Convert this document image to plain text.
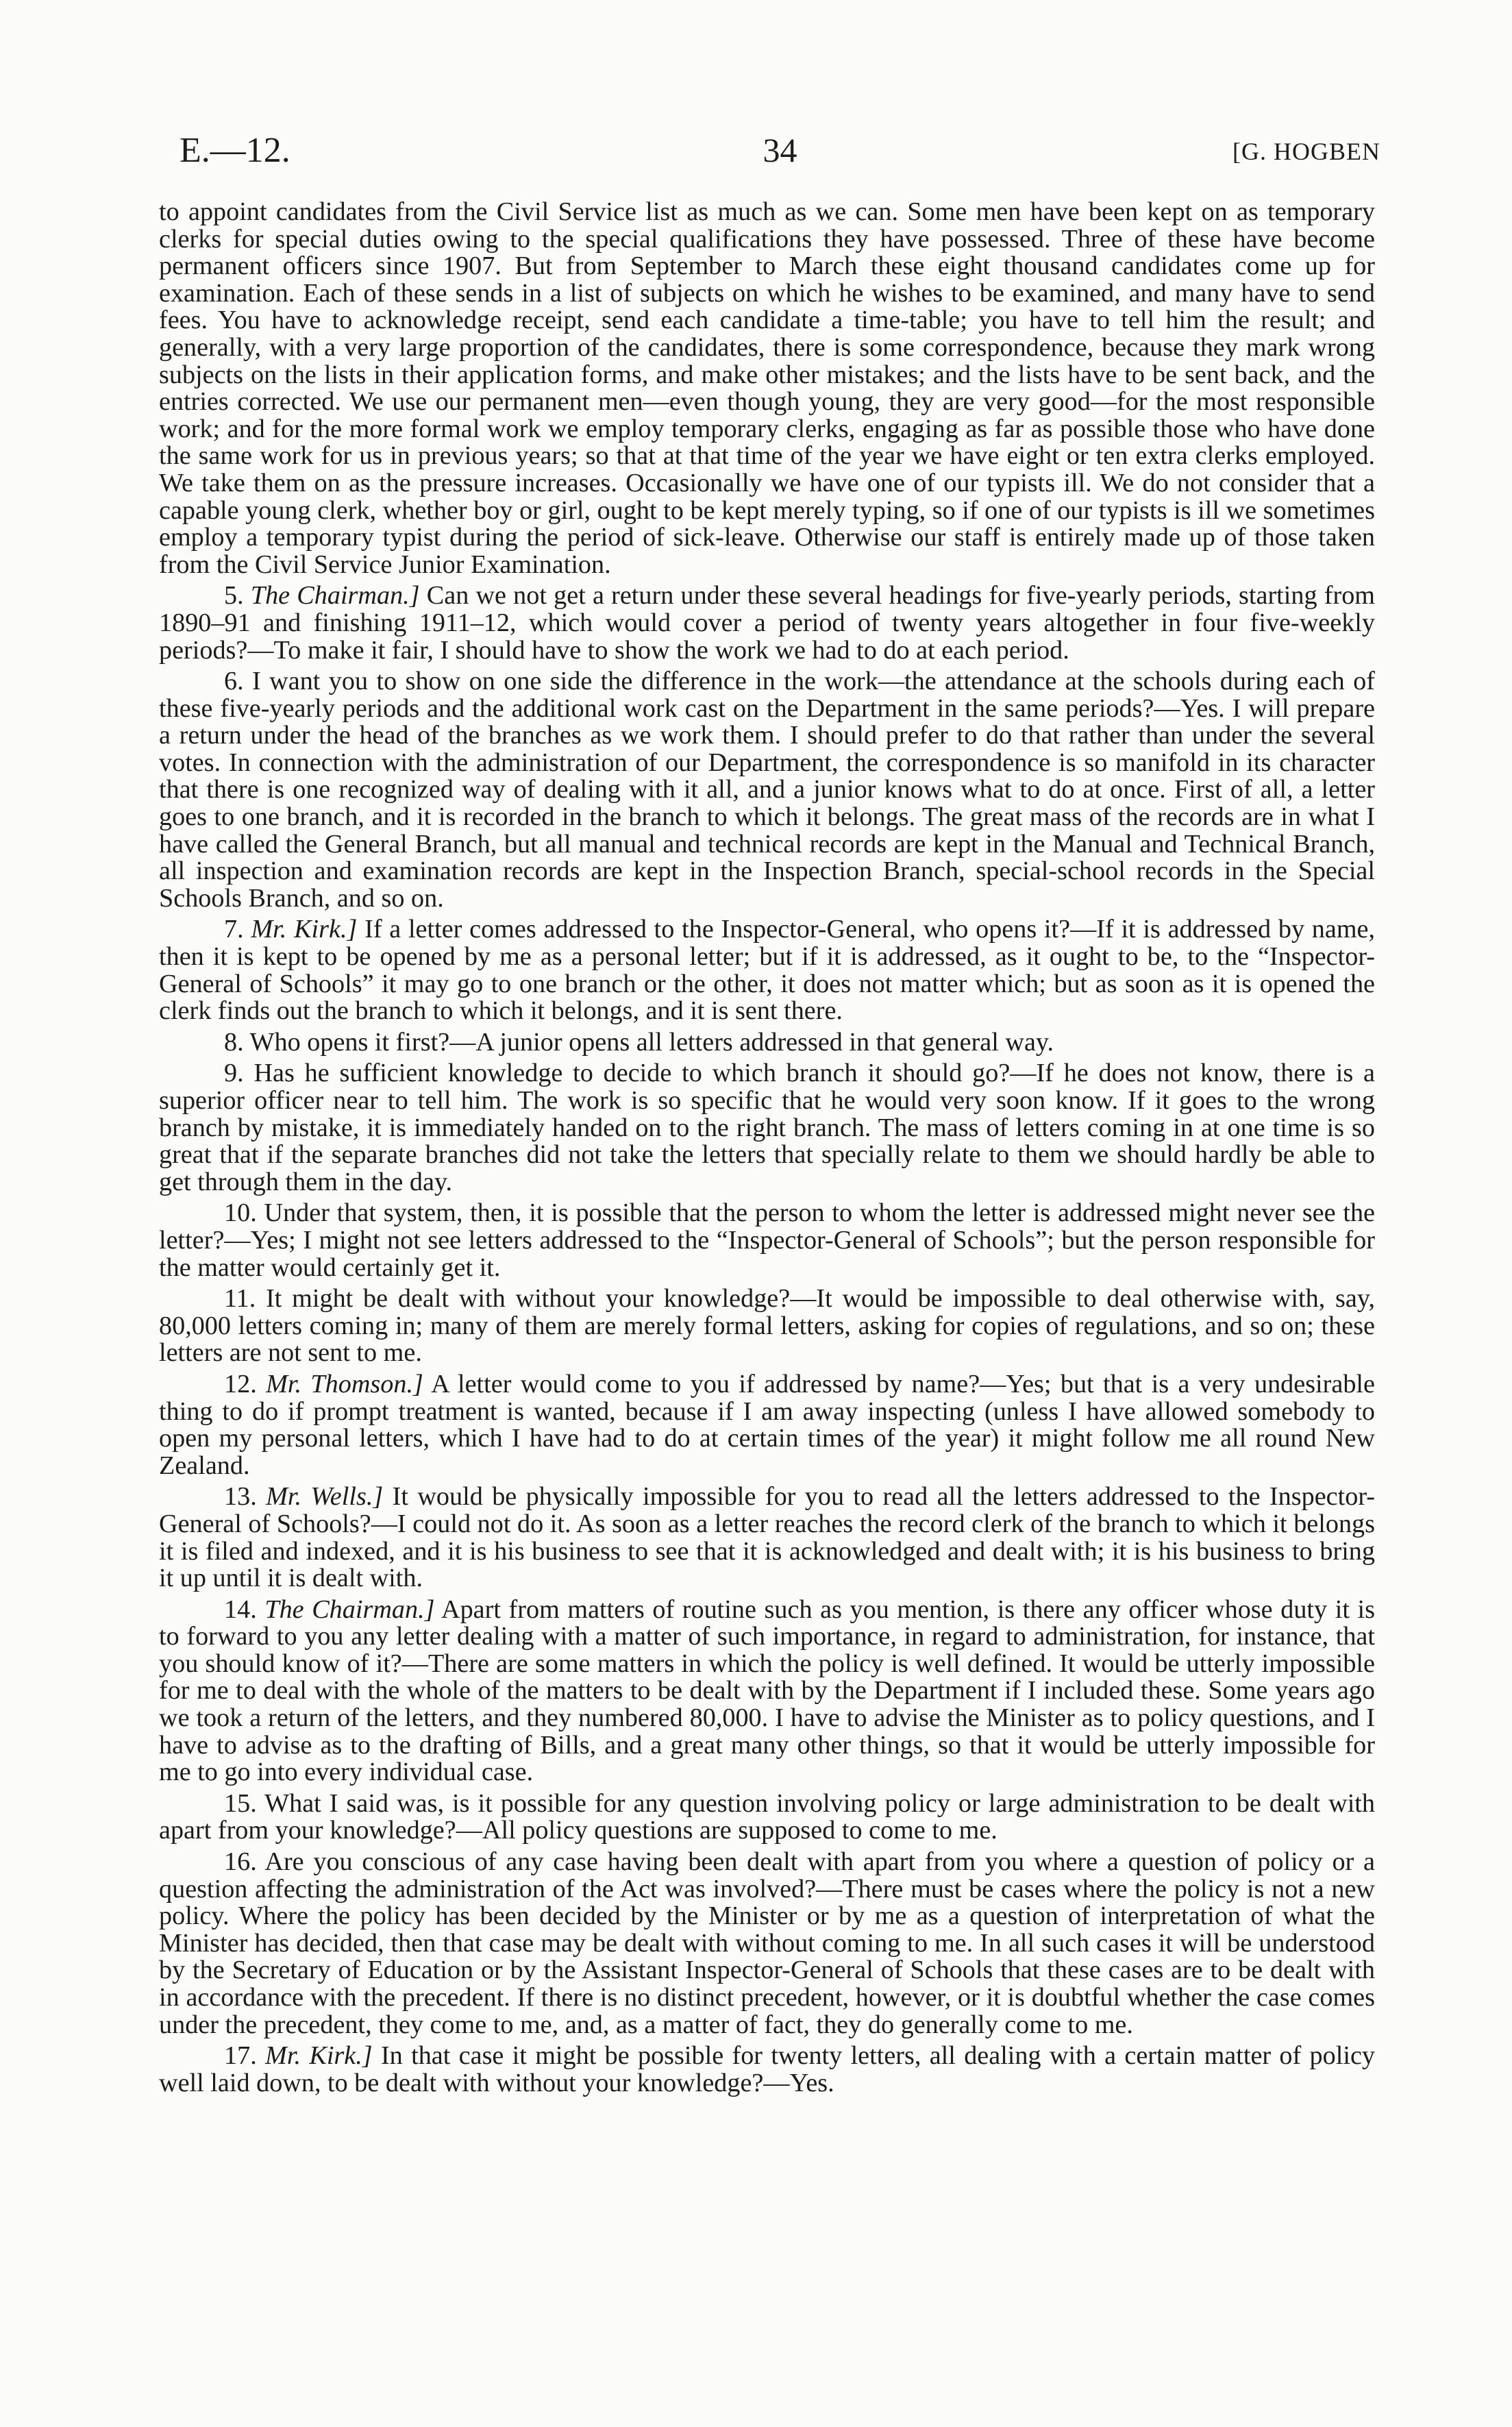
E.—12.	34	[G. HOGBEN

to appoint candidates from the Civil Service list as much as we can. Some men have been kept on as temporary clerks for special duties owing to the special qualifications they have possessed. Three of these have become permanent officers since 1907. But from September to March these eight thousand candidates come up for examination. Each of these sends in a list of subjects on which he wishes to be examined, and many have to send fees. You have to acknowledge receipt, send each candidate a time-table; you have to tell him the result; and generally, with a very large proportion of the candidates, there is some correspondence, because they mark wrong subjects on the lists in their application forms, and make other mistakes; and the lists have to be sent back, and the entries corrected. We use our permanent men—even though young, they are very good—for the most responsible work; and for the more formal work we employ temporary clerks, engaging as far as possible those who have done the same work for us in previous years; so that at that time of the year we have eight or ten extra clerks employed. We take them on as the pressure increases. Occasionally we have one of our typists ill. We do not consider that a capable young clerk, whether boy or girl, ought to be kept merely typing, so if one of our typists is ill we sometimes employ a temporary typist during the period of sick-leave. Otherwise our staff is entirely made up of those taken from the Civil Service Junior Examination.

5. The Chairman.] Can we not get a return under these several headings for five-yearly periods, starting from 1890–91 and finishing 1911–12, which would cover a period of twenty years altogether in four five-weekly periods?—To make it fair, I should have to show the work we had to do at each period.

6. I want you to show on one side the difference in the work—the attendance at the schools during each of these five-yearly periods and the additional work cast on the Department in the same periods?—Yes. I will prepare a return under the head of the branches as we work them. I should prefer to do that rather than under the several votes. In connection with the administration of our Department, the correspondence is so manifold in its character that there is one recognized way of dealing with it all, and a junior knows what to do at once. First of all, a letter goes to one branch, and it is recorded in the branch to which it belongs. The great mass of the records are in what I have called the General Branch, but all manual and technical records are kept in the Manual and Technical Branch, all inspection and examination records are kept in the Inspection Branch, special-school records in the Special Schools Branch, and so on.

7. Mr. Kirk.] If a letter comes addressed to the Inspector-General, who opens it?—If it is addressed by name, then it is kept to be opened by me as a personal letter; but if it is addressed, as it ought to be, to the “Inspector-General of Schools” it may go to one branch or the other, it does not matter which; but as soon as it is opened the clerk finds out the branch to which it belongs, and it is sent there.

8. Who opens it first?—A junior opens all letters addressed in that general way.

9. Has he sufficient knowledge to decide to which branch it should go?—If he does not know, there is a superior officer near to tell him. The work is so specific that he would very soon know. If it goes to the wrong branch by mistake, it is immediately handed on to the right branch. The mass of letters coming in at one time is so great that if the separate branches did not take the letters that specially relate to them we should hardly be able to get through them in the day.

10. Under that system, then, it is possible that the person to whom the letter is addressed might never see the letter?—Yes; I might not see letters addressed to the “Inspector-General of Schools”; but the person responsible for the matter would certainly get it.

11. It might be dealt with without your knowledge?—It would be impossible to deal otherwise with, say, 80,000 letters coming in; many of them are merely formal letters, asking for copies of regulations, and so on; these letters are not sent to me.

12. Mr. Thomson.] A letter would come to you if addressed by name?—Yes; but that is a very undesirable thing to do if prompt treatment is wanted, because if I am away inspecting (unless I have allowed somebody to open my personal letters, which I have had to do at certain times of the year) it might follow me all round New Zealand.

13. Mr. Wells.] It would be physically impossible for you to read all the letters addressed to the Inspector-General of Schools?—I could not do it. As soon as a letter reaches the record clerk of the branch to which it belongs it is filed and indexed, and it is his business to see that it is acknowledged and dealt with; it is his business to bring it up until it is dealt with.

14. The Chairman.] Apart from matters of routine such as you mention, is there any officer whose duty it is to forward to you any letter dealing with a matter of such importance, in regard to administration, for instance, that you should know of it?—There are some matters in which the policy is well defined. It would be utterly impossible for me to deal with the whole of the matters to be dealt with by the Department if I included these. Some years ago we took a return of the letters, and they numbered 80,000. I have to advise the Minister as to policy questions, and I have to advise as to the drafting of Bills, and a great many other things, so that it would be utterly impossible for me to go into every individual case.

15. What I said was, is it possible for any question involving policy or large administration to be dealt with apart from your knowledge?—All policy questions are supposed to come to me.

16. Are you conscious of any case having been dealt with apart from you where a question of policy or a question affecting the administration of the Act was involved?—There must be cases where the policy is not a new policy. Where the policy has been decided by the Minister or by me as a question of interpretation of what the Minister has decided, then that case may be dealt with without coming to me. In all such cases it will be understood by the Secretary of Education or by the Assistant Inspector-General of Schools that these cases are to be dealt with in accordance with the precedent. If there is no distinct precedent, however, or it is doubtful whether the case comes under the precedent, they come to me, and, as a matter of fact, they do generally come to me.

17. Mr. Kirk.] In that case it might be possible for twenty letters, all dealing with a certain matter of policy well laid down, to be dealt with without your knowledge?—Yes.
